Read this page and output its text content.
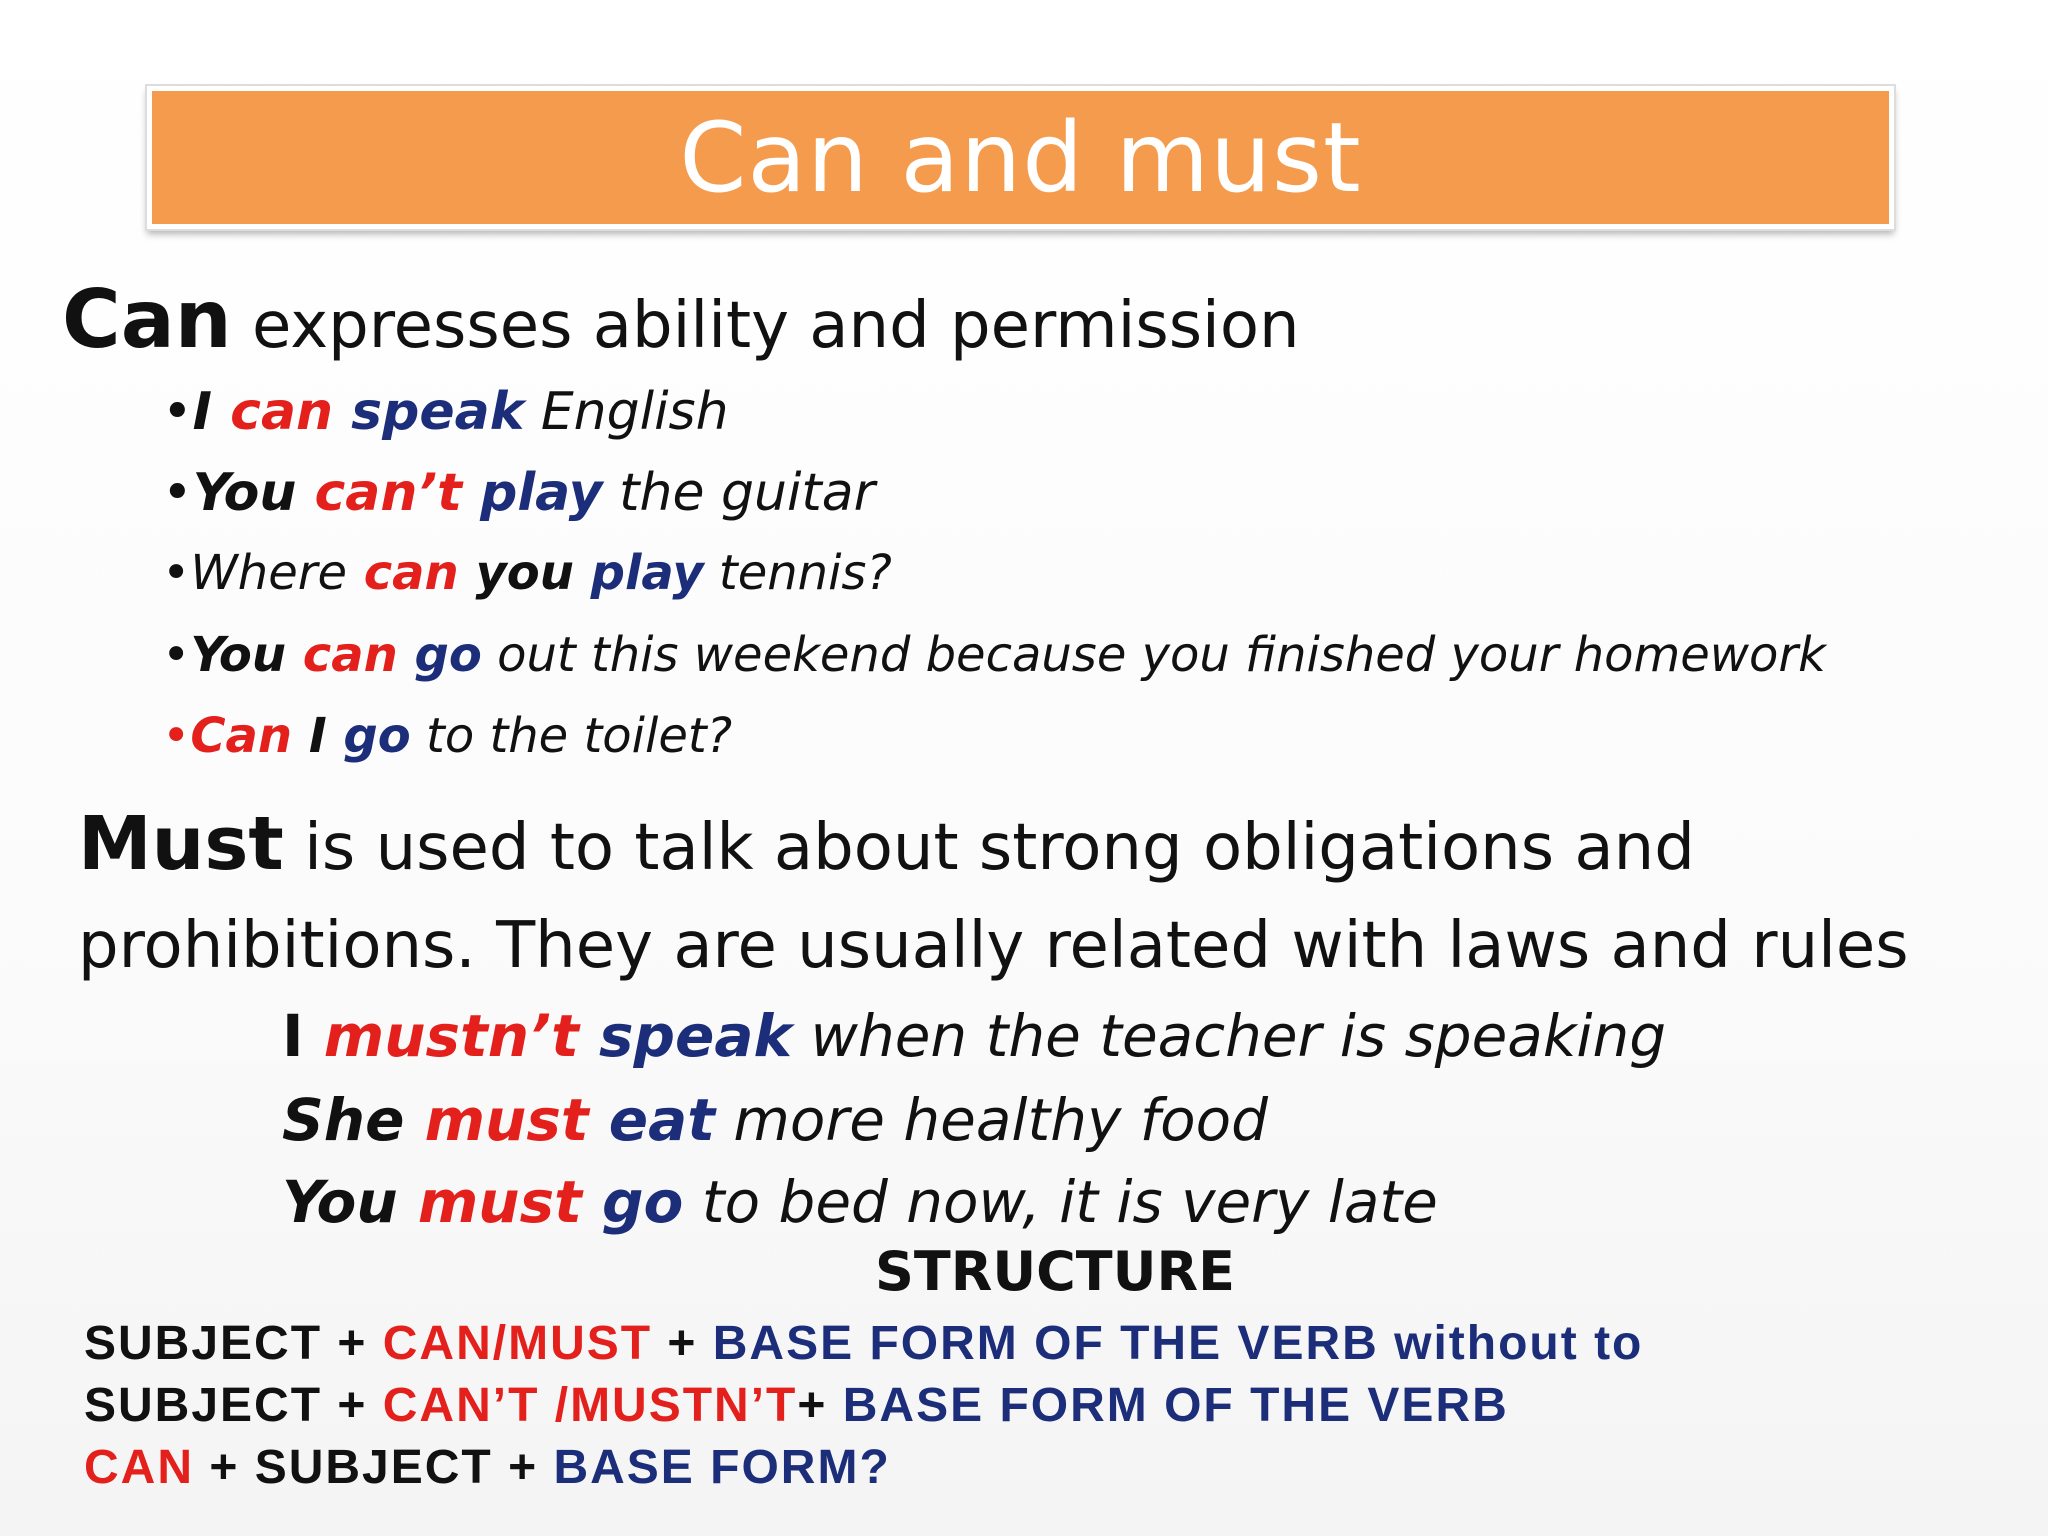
Can and must
Can expresses ability and permission
•I can speak English
•You can’t play the guitar
•Where can you play tennis?
•You can go out this weekend because you finished your homework
•Can I go to the toilet?
Must is used to talk about strong obligations and prohibitions. They are usually related with laws and rules
I mustn’t speak when the teacher is speaking
She must eat more healthy food
You must go to bed now, it is very late
STRUCTURE
SUBJECT + CAN/MUST + BASE FORM OF THE VERB without to
SUBJECT + CAN’T /MUSTN’T+ BASE FORM OF THE VERB
CAN + SUBJECT + BASE FORM?
